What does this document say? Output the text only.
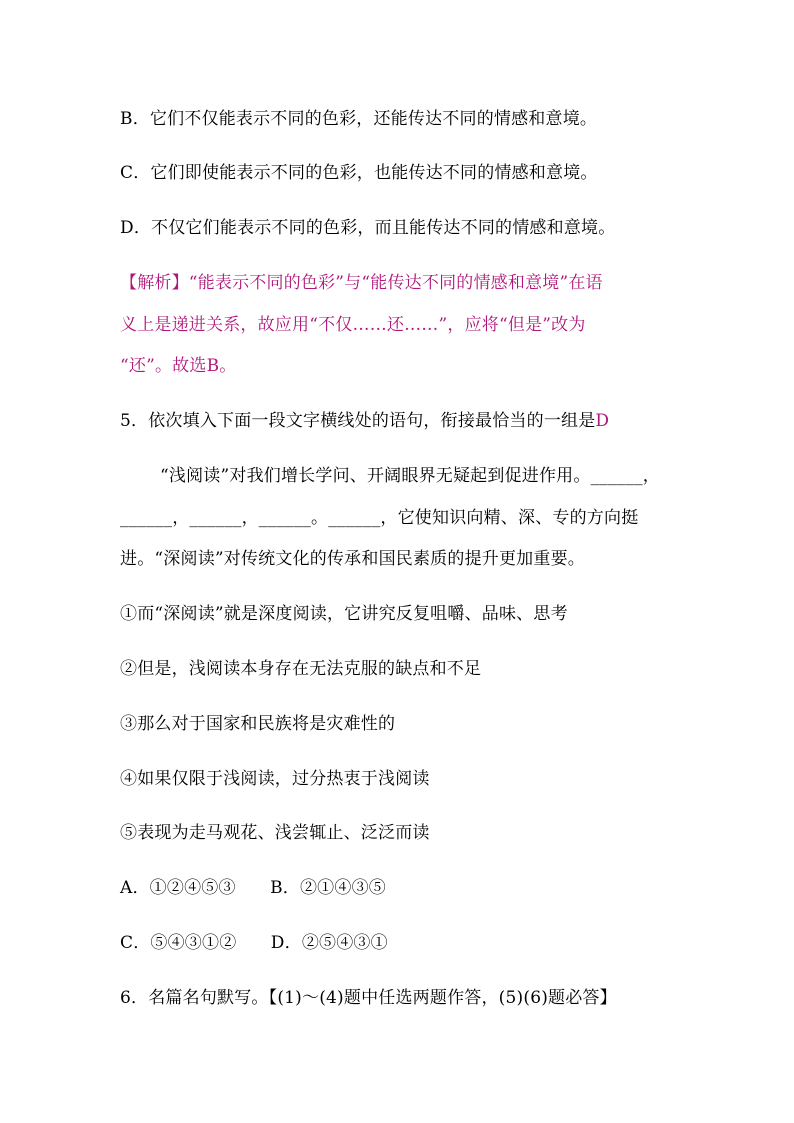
B．它们不仅能表示不同的色彩，还能传达不同的情感和意境。
C．它们即使能表示不同的色彩，也能传达不同的情感和意境。
D．不仅它们能表示不同的色彩，而且能传达不同的情感和意境。
【解析】“能表示不同的色彩”与“能传达不同的情感和意境”在语
义上是递进关系，故应用“不仅……还……”，应将“但是”改为
“还”。故选B。
5．依次填入下面一段文字横线处的语句，衔接最恰当的一组是D
“浅阅读”对我们增长学问、开阔眼界无疑起到促进作用。______，
______，______，______。______，它使知识向精、深、专的方向挺
进。“深阅读”对传统文化的传承和国民素质的提升更加重要。
①而“深阅读”就是深度阅读，它讲究反复咀嚼、品味、思考
②但是，浅阅读本身存在无法克服的缺点和不足
③那么对于国家和民族将是灾难性的
④如果仅限于浅阅读，过分热衷于浅阅读
⑤表现为走马观花、浅尝辄止、泛泛而读
A．①②④⑤③　　B．②①④③⑤
C．⑤④③①②　　D．②⑤④③①
6．名篇名句默写。【(1)～(4)题中任选两题作答，(5)(6)题必答】
